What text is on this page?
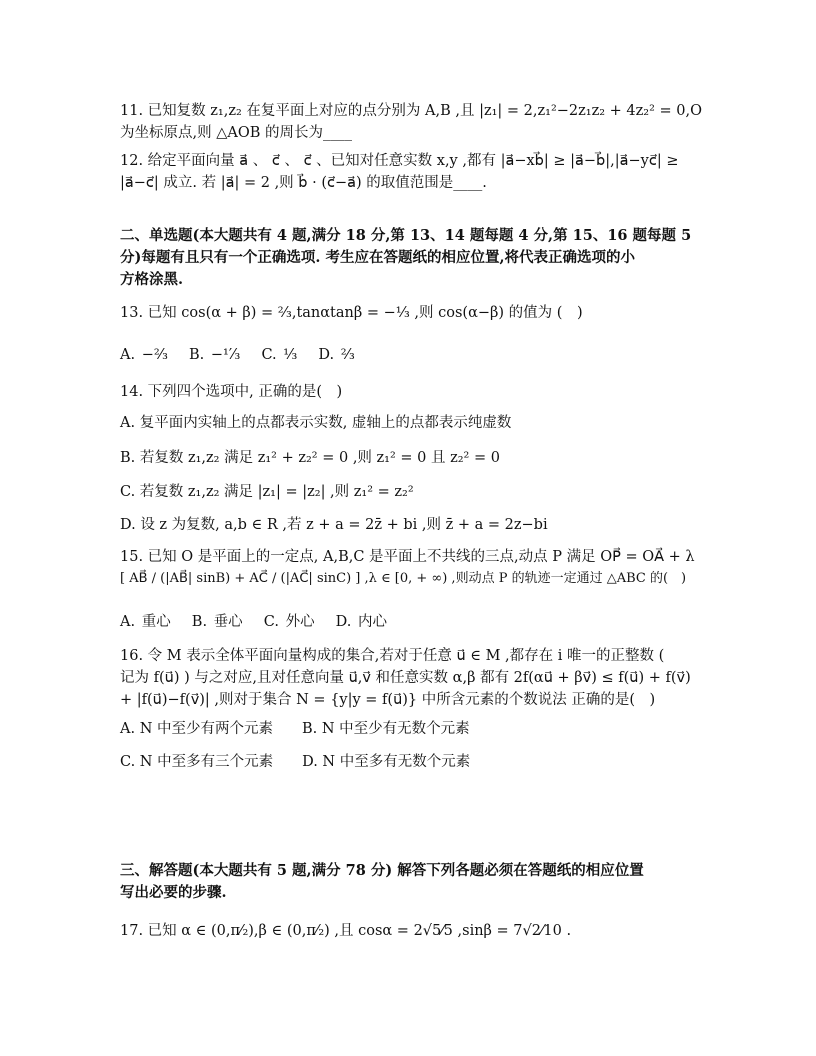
11. 已知复数 z₁,z₂ 在复平面上对应的点分别为 A,B ,且 |z₁| = 2,z₁²−2z₁z₂ + 4z₂² = 0,O
为坐标原点,则 △AOB 的周长为____
12. 给定平面向量 a⃗ 、 c⃗ 、 c⃗ 、已知对任意实数 x,y ,都有 |a⃗−xb⃗| ≥ |a⃗−b⃗|,|a⃗−yc⃗| ≥
|a⃗−c⃗| 成立. 若 |a⃗| = 2 ,则 b⃗ · (c⃗−a⃗) 的取值范围是____.
二、单选题(本大题共有 4 题,满分 18 分,第 13、14 题每题 4 分,第 15、16 题每题 5
分)每题有且只有一个正确选项. 考生应在答题纸的相应位置,将代表正确选项的小
方格涂黑.
13. 已知 cos(α + β) = ²⁄₃,tanαtanβ = −¹⁄₃ ,则 cos(α−β) 的值为 (　)
A. −²⁄₃　 B. −¹′⁄₃　 C. ¹⁄₃　 D. ²⁄₃
14. 下列四个选项中, 正确的是(　)
A. 复平面内实轴上的点都表示实数, 虚轴上的点都表示纯虚数
B. 若复数 z₁,z₂ 满足 z₁² + z₂² = 0 ,则 z₁² = 0 且 z₂² = 0
C. 若复数 z₁,z₂ 满足 |z₁| = |z₂| ,则 z₁² = z₂²
D. 设 z 为复数, a,b ∈ R ,若 z + a = 2z̄ + bi ,则 z̄ + a = 2z−bi
15. 已知 O 是平面上的一定点, A,B,C 是平面上不共线的三点,动点 P 满足 OP⃗ = OA⃗ + λ
[ AB⃗ / (|AB⃗| sinB) + AC⃗ / (|AC⃗| sinC) ] ,λ ∈ [0, + ∞) ,则动点 P 的轨迹一定通过 △ABC 的(　)
A. 重心　 B. 垂心　 C. 外心　 D. 内心
16. 令 M 表示全体平面向量构成的集合,若对于任意 u⃗ ∈ M ,都存在 i 唯一的正整数 (
记为 f(u⃗) ) 与之对应,且对任意向量 u⃗,v⃗ 和任意实数 α,β 都有 2f(αu⃗ + βv⃗) ≤ f(u⃗) + f(v⃗)
+ |f(u⃗)−f(v⃗)| ,则对于集合 N = {y|y = f(u⃗)} 中所含元素的个数说法 正确的是(　)
A. N 中至少有两个元素　　B. N 中至少有无数个元素
C. N 中至多有三个元素　　D. N 中至多有无数个元素
三、解答题(本大题共有 5 题,满分 78 分) 解答下列各题必须在答题纸的相应位置
写出必要的步骤.
17. 已知 α ∈ (0,π⁄₂),β ∈ (0,π⁄₂) ,且 cosα = 2√5⁄5 ,sinβ = 7√2⁄10 .
